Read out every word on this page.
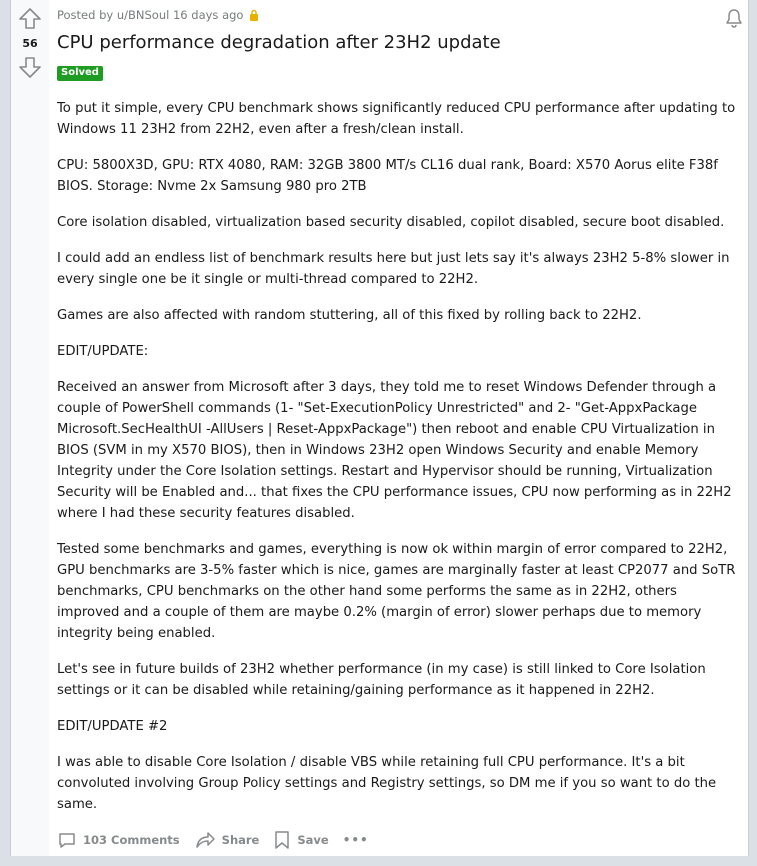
56
Posted by u/BNSoul 16 days ago
CPU performance degradation after 23H2 update
Solved

To put it simple, every CPU benchmark shows significantly reduced CPU performance after updating to Windows 11 23H2 from 22H2, even after a fresh/clean install.

CPU: 5800X3D, GPU: RTX 4080, RAM: 32GB 3800 MT/s CL16 dual rank, Board: X570 Aorus elite F38f BIOS. Storage: Nvme 2x Samsung 980 pro 2TB

Core isolation disabled, virtualization based security disabled, copilot disabled, secure boot disabled.

I could add an endless list of benchmark results here but just lets say it's always 23H2 5-8% slower in every single one be it single or multi-thread compared to 22H2.

Games are also affected with random stuttering, all of this fixed by rolling back to 22H2.

EDIT/UPDATE:

Received an answer from Microsoft after 3 days, they told me to reset Windows Defender through a couple of PowerShell commands (1- "Set-ExecutionPolicy Unrestricted" and 2- "Get-AppxPackage Microsoft.SecHealthUI -AllUsers | Reset-AppxPackage") then reboot and enable CPU Virtualization in BIOS (SVM in my X570 BIOS), then in Windows 23H2 open Windows Security and enable Memory Integrity under the Core Isolation settings. Restart and Hypervisor should be running, Virtualization Security will be Enabled and... that fixes the CPU performance issues, CPU now performing as in 22H2 where I had these security features disabled.

Tested some benchmarks and games, everything is now ok within margin of error compared to 22H2, GPU benchmarks are 3-5% faster which is nice, games are marginally faster at least CP2077 and SoTR benchmarks, CPU benchmarks on the other hand some performs the same as in 22H2, others improved and a couple of them are maybe 0.2% (margin of error) slower perhaps due to memory integrity being enabled.

Let's see in future builds of 23H2 whether performance (in my case) is still linked to Core Isolation settings or it can be disabled while retaining/gaining performance as it happened in 22H2.

EDIT/UPDATE #2

I was able to disable Core Isolation / disable VBS while retaining full CPU performance. It's a bit convoluted involving Group Policy settings and Registry settings, so DM me if you so want to do the same.

103 Comments	Share	Save •••
